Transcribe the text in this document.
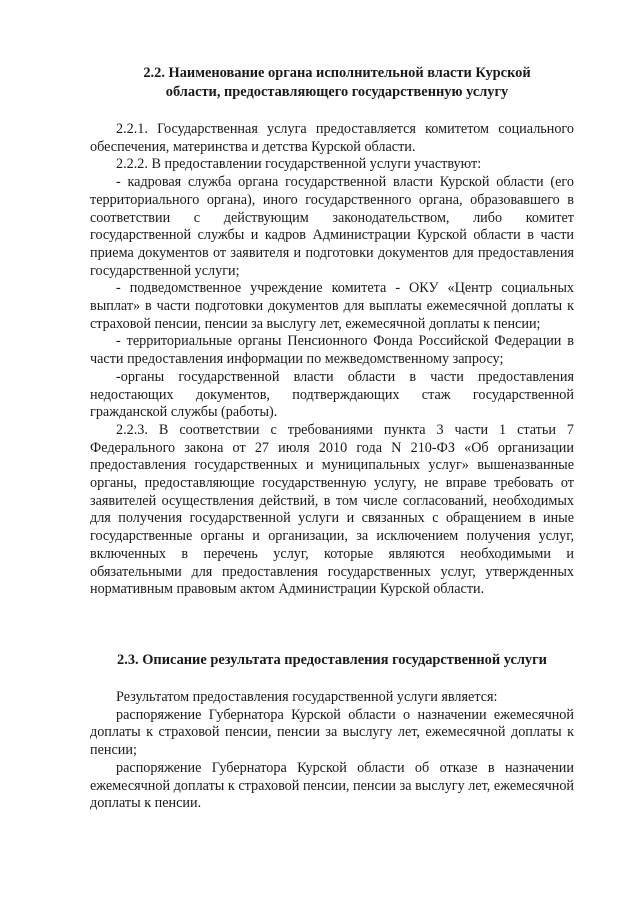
2.2. Наименование органа исполнительной власти Курской
области, предоставляющего государственную услугу

2.2.1. Государственная услуга предоставляется комитетом социального обеспечения, материнства и детства Курской области.

2.2.2. В предоставлении государственной услуги участвуют:

- кадровая служба органа государственной власти Курской области (его территориального органа), иного государственного органа, образовавшего в соответствии с действующим законодательством, либо комитет государственной службы и кадров Администрации Курской области в части приема документов от заявителя и подготовки документов для предоставления государственной услуги;

- подведомственное учреждение комитета - ОКУ «Центр социальных выплат» в части подготовки документов для выплаты ежемесячной доплаты к страховой пенсии, пенсии за выслугу лет, ежемесячной доплаты к пенсии;

- территориальные органы Пенсионного Фонда Российской Федерации в части предоставления информации по межведомственному запросу;

-органы государственной власти области в части предоставления недостающих документов, подтверждающих стаж государственной гражданской службы (работы).

2.2.3. В соответствии с требованиями пункта 3 части 1 статьи 7 Федерального закона от 27 июля 2010 года N 210-ФЗ «Об организации предоставления государственных и муниципальных услуг» вышеназванные органы, предоставляющие государственную услугу, не вправе требовать от заявителей осуществления действий, в том числе согласований, необходимых для получения государственной услуги и связанных с обращением в иные государственные органы и организации, за исключением получения услуг, включенных в перечень услуг, которые являются необходимыми и обязательными для предоставления государственных услуг, утвержденных нормативным правовым актом Администрации Курской области.

2.3. Описание результата предоставления государственной услуги

Результатом предоставления государственной услуги является:

распоряжение Губернатора Курской области о назначении ежемесячной доплаты к страховой пенсии, пенсии за выслугу лет, ежемесячной доплаты к пенсии;

распоряжение Губернатора Курской области об отказе в назначении ежемесячной доплаты к страховой пенсии, пенсии за выслугу лет, ежемесячной доплаты к пенсии.
